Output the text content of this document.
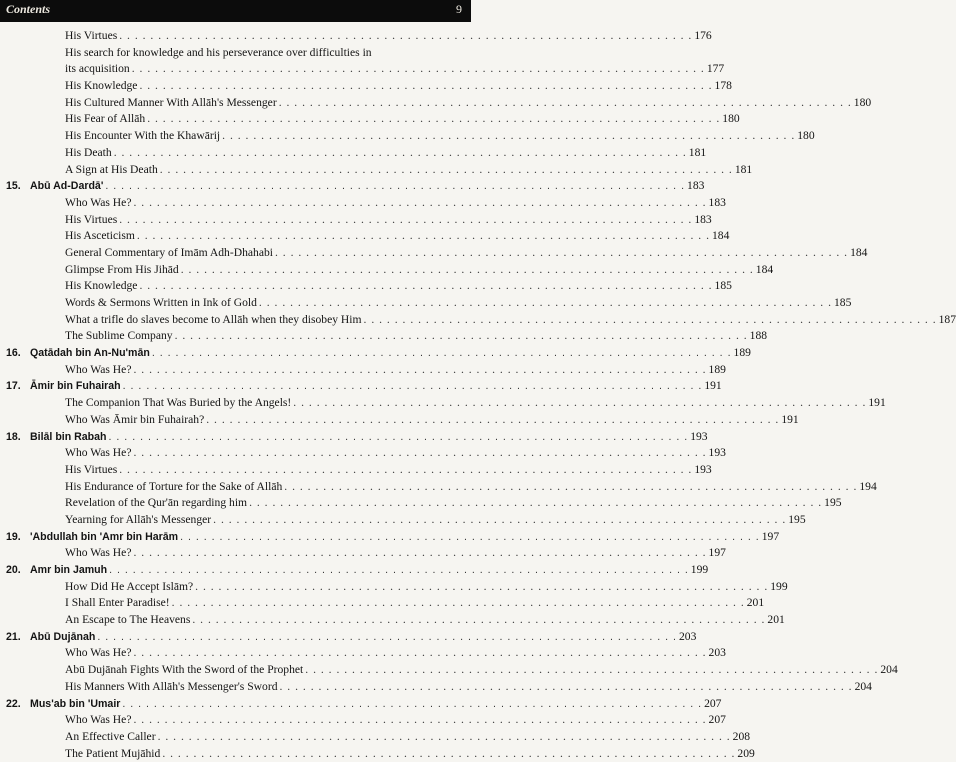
Contents	9
His Virtues . . . . . . . . . . . . . . . . . . . . . . . . . . . . . . . . . . . . . . . . . . . . . . . . . . . . . . . . . . . . . . . . . . . . . . . . . . 176
His search for knowledge and his perseverance over difficulties in
its acquisition . . . . . . . . . . . . . . . . . . . . . . . . . . . . . . . . . . . . . . . . . . . . . . . . . . . . . . . . . . . . . . . . . . . . . . . . . . 177
His Knowledge . . . . . . . . . . . . . . . . . . . . . . . . . . . . . . . . . . . . . . . . . . . . . . . . . . . . . . . . . . . . . . . . . . . . . . . . . . 178
His Cultured Manner With Allāh's Messenger . . . . . . . . . . . . . . . . . . . . . . . . . . . . . . . . . . . . . . . . . . . . . . . . . . . . . . . . . . . . . . . . . . . . . . . . . . 180
His Fear of Allāh . . . . . . . . . . . . . . . . . . . . . . . . . . . . . . . . . . . . . . . . . . . . . . . . . . . . . . . . . . . . . . . . . . . . . . . . . . 180
His Encounter With the Khawārij . . . . . . . . . . . . . . . . . . . . . . . . . . . . . . . . . . . . . . . . . . . . . . . . . . . . . . . . . . . . . . . . . . . . . . . . . . 180
His Death . . . . . . . . . . . . . . . . . . . . . . . . . . . . . . . . . . . . . . . . . . . . . . . . . . . . . . . . . . . . . . . . . . . . . . . . . . 181
A Sign at His Death . . . . . . . . . . . . . . . . . . . . . . . . . . . . . . . . . . . . . . . . . . . . . . . . . . . . . . . . . . . . . . . . . . . . . . . . . . 181
15. Abū Ad-Dardā' . . . . . . . . . . . . . . . . . . . . . . . . . . . . . . . . . . . . . . . . . . . . . . . . . . . . . . . . . . . . . . . . . . . . . . . . . . 183
Who Was He? . . . . . . . . . . . . . . . . . . . . . . . . . . . . . . . . . . . . . . . . . . . . . . . . . . . . . . . . . . . . . . . . . . . . . . . . . . 183
His Virtues . . . . . . . . . . . . . . . . . . . . . . . . . . . . . . . . . . . . . . . . . . . . . . . . . . . . . . . . . . . . . . . . . . . . . . . . . . 183
His Asceticism . . . . . . . . . . . . . . . . . . . . . . . . . . . . . . . . . . . . . . . . . . . . . . . . . . . . . . . . . . . . . . . . . . . . . . . . . . 184
General Commentary of Imām Adh-Dhahabi . . . . . . . . . . . . . . . . . . . . . . . . . . . . . . . . . . . . . . . . . . . . . . . . . . . . . . . . . . . . . . . . . . . . . . . . . . 184
Glimpse From His Jihād . . . . . . . . . . . . . . . . . . . . . . . . . . . . . . . . . . . . . . . . . . . . . . . . . . . . . . . . . . . . . . . . . . . . . . . . . . 184
His Knowledge . . . . . . . . . . . . . . . . . . . . . . . . . . . . . . . . . . . . . . . . . . . . . . . . . . . . . . . . . . . . . . . . . . . . . . . . . . 185
Words & Sermons Written in Ink of Gold . . . . . . . . . . . . . . . . . . . . . . . . . . . . . . . . . . . . . . . . . . . . . . . . . . . . . . . . . . . . . . . . . . . . . . . . . . 185
What a trifle do slaves become to Allāh when they disobey Him . . . . . . . . . . . . . . . . . . . . . . . . . . . . . . . . . . . . . . . . . . . . . . . . . . . . . . . . . . . . . . . . . . . . . . . . . . 187
The Sublime Company . . . . . . . . . . . . . . . . . . . . . . . . . . . . . . . . . . . . . . . . . . . . . . . . . . . . . . . . . . . . . . . . . . . . . . . . . . 188
16. Qatādah bin An-Nu'mān . . . . . . . . . . . . . . . . . . . . . . . . . . . . . . . . . . . . . . . . . . . . . . . . . . . . . . . . . . . . . . . . . . . . . . . . . . 189
Who Was He? . . . . . . . . . . . . . . . . . . . . . . . . . . . . . . . . . . . . . . . . . . . . . . . . . . . . . . . . . . . . . . . . . . . . . . . . . . 189
17. Āmir bin Fuhairah . . . . . . . . . . . . . . . . . . . . . . . . . . . . . . . . . . . . . . . . . . . . . . . . . . . . . . . . . . . . . . . . . . . . . . . . . . 191
The Companion That Was Buried by the Angels! . . . . . . . . . . . . . . . . . . . . . . . . . . . . . . . . . . . . . . . . . . . . . . . . . . . . . . . . . . . . . . . . . . . . . . . . . . 191
Who Was Āmir bin Fuhairah? . . . . . . . . . . . . . . . . . . . . . . . . . . . . . . . . . . . . . . . . . . . . . . . . . . . . . . . . . . . . . . . . . . . . . . . . . . 191
18. Bilāl bin Rabah . . . . . . . . . . . . . . . . . . . . . . . . . . . . . . . . . . . . . . . . . . . . . . . . . . . . . . . . . . . . . . . . . . . . . . . . . . 193
Who Was He? . . . . . . . . . . . . . . . . . . . . . . . . . . . . . . . . . . . . . . . . . . . . . . . . . . . . . . . . . . . . . . . . . . . . . . . . . . 193
His Virtues . . . . . . . . . . . . . . . . . . . . . . . . . . . . . . . . . . . . . . . . . . . . . . . . . . . . . . . . . . . . . . . . . . . . . . . . . . 193
His Endurance of Torture for the Sake of Allāh . . . . . . . . . . . . . . . . . . . . . . . . . . . . . . . . . . . . . . . . . . . . . . . . . . . . . . . . . . . . . . . . . . . . . . . . . . 194
Revelation of the Qur'ān regarding him . . . . . . . . . . . . . . . . . . . . . . . . . . . . . . . . . . . . . . . . . . . . . . . . . . . . . . . . . . . . . . . . . . . . . . . . . . 195
Yearning for Allāh's Messenger . . . . . . . . . . . . . . . . . . . . . . . . . . . . . . . . . . . . . . . . . . . . . . . . . . . . . . . . . . . . . . . . . . . . . . . . . . 195
19. 'Abdullah bin 'Amr bin Harām . . . . . . . . . . . . . . . . . . . . . . . . . . . . . . . . . . . . . . . . . . . . . . . . . . . . . . . . . . . . . . . . . . . . . . . . . . 197
Who Was He? . . . . . . . . . . . . . . . . . . . . . . . . . . . . . . . . . . . . . . . . . . . . . . . . . . . . . . . . . . . . . . . . . . . . . . . . . . 197
20. Amr bin Jamuh . . . . . . . . . . . . . . . . . . . . . . . . . . . . . . . . . . . . . . . . . . . . . . . . . . . . . . . . . . . . . . . . . . . . . . . . . . 199
How Did He Accept Islām? . . . . . . . . . . . . . . . . . . . . . . . . . . . . . . . . . . . . . . . . . . . . . . . . . . . . . . . . . . . . . . . . . . . . . . . . . . 199
I Shall Enter Paradise! . . . . . . . . . . . . . . . . . . . . . . . . . . . . . . . . . . . . . . . . . . . . . . . . . . . . . . . . . . . . . . . . . . . . . . . . . . 201
An Escape to The Heavens . . . . . . . . . . . . . . . . . . . . . . . . . . . . . . . . . . . . . . . . . . . . . . . . . . . . . . . . . . . . . . . . . . . . . . . . . . 201
21. Abū Dujānah . . . . . . . . . . . . . . . . . . . . . . . . . . . . . . . . . . . . . . . . . . . . . . . . . . . . . . . . . . . . . . . . . . . . . . . . . . 203
Who Was He? . . . . . . . . . . . . . . . . . . . . . . . . . . . . . . . . . . . . . . . . . . . . . . . . . . . . . . . . . . . . . . . . . . . . . . . . . . 203
Abū Dujānah Fights With the Sword of the Prophet . . . . . . . . . . . . . . . . . . . . . . . . . . . . . . . . . . . . . . . . . . . . . . . . . . . . . . . . . . . . . . . . . . . . . . . . . . 204
His Manners With Allāh's Messenger's Sword . . . . . . . . . . . . . . . . . . . . . . . . . . . . . . . . . . . . . . . . . . . . . . . . . . . . . . . . . . . . . . . . . . . . . . . . . . 204
22. Mus'ab bin 'Umair . . . . . . . . . . . . . . . . . . . . . . . . . . . . . . . . . . . . . . . . . . . . . . . . . . . . . . . . . . . . . . . . . . . . . . . . . . 207
Who Was He? . . . . . . . . . . . . . . . . . . . . . . . . . . . . . . . . . . . . . . . . . . . . . . . . . . . . . . . . . . . . . . . . . . . . . . . . . . 207
An Effective Caller . . . . . . . . . . . . . . . . . . . . . . . . . . . . . . . . . . . . . . . . . . . . . . . . . . . . . . . . . . . . . . . . . . . . . . . . . . 208
The Patient Mujāhid . . . . . . . . . . . . . . . . . . . . . . . . . . . . . . . . . . . . . . . . . . . . . . . . . . . . . . . . . . . . . . . . . . . . . . . . . . 209
